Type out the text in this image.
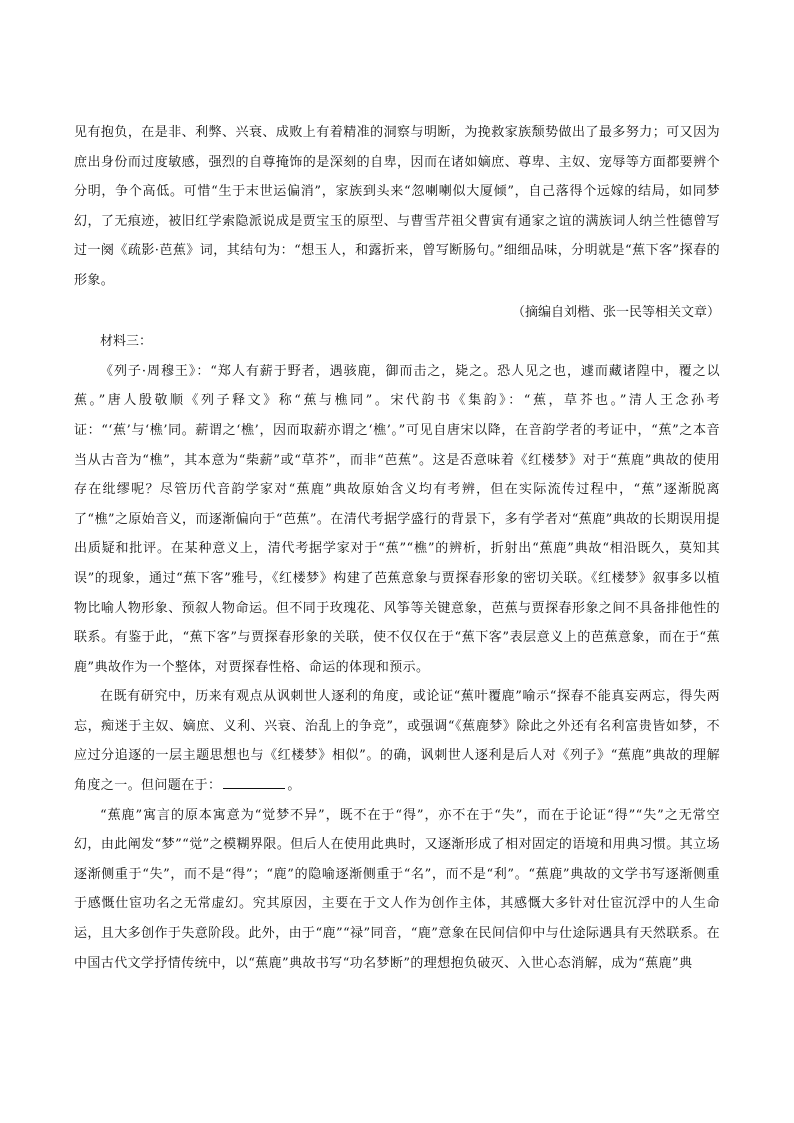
见有抱负，在是非、利弊、兴衰、成败上有着精准的洞察与明断，为挽救家族颓势做出了最多努力；可又因为庶出身份而过度敏感，强烈的自尊掩饰的是深刻的自卑，因而在诸如嫡庶、尊卑、主奴、宠辱等方面都要辨个分明，争个高低。可惜“生于末世运偏消”，家族到头来“忽喇喇似大厦倾”，自己落得个远嫁的结局，如同梦幻，了无痕迹，被旧红学索隐派说成是贾宝玉的原型、与曹雪芹祖父曹寅有通家之谊的满族词人纳兰性德曾写过一阕《疏影·芭蕉》词，其结句为：“想玉人，和露折来，曾写断肠句。”细细品味，分明就是“蕉下客”探春的形象。

（摘编自刘楷、张一民等相关文章）

材料三：

《列子·周穆王》：“郑人有薪于野者，遇骇鹿，御而击之，毙之。恐人见之也，遽而藏诸隍中，覆之以蕉。”唐人殷敬顺《列子释文》称“蕉与樵同”。宋代韵书《集韵》：“蕉，草芥也。”清人王念孙考证：“‘蕉’与‘樵’同。薪谓之‘樵’，因而取薪亦谓之‘樵’。”可见自唐宋以降，在音韵学者的考证中，“蕉”之本音当从古音为“樵”，其本意为“柴薪”或“草芥”，而非“芭蕉”。这是否意味着《红楼梦》对于“蕉鹿”典故的使用存在纰缪呢？尽管历代音韵学家对“蕉鹿”典故原始含义均有考辨，但在实际流传过程中，“蕉”逐渐脱离了“樵”之原始音义，而逐渐偏向于“芭蕉”。在清代考据学盛行的背景下，多有学者对“蕉鹿”典故的长期误用提出质疑和批评。在某种意义上，清代考据学家对于“蕉”“樵”的辨析，折射出“蕉鹿”典故“相沿既久，莫知其误”的现象，通过“蕉下客”雅号，《红楼梦》构建了芭蕉意象与贾探春形象的密切关联。《红楼梦》叙事多以植物比喻人物形象、预叙人物命运。但不同于玫瑰花、风筝等关键意象，芭蕉与贾探春形象之间不具备排他性的联系。有鉴于此，“蕉下客”与贾探春形象的关联，使不仅仅在于“蕉下客”表层意义上的芭蕉意象，而在于“蕉鹿”典故作为一个整体，对贾探春性格、命运的体现和预示。

在既有研究中，历来有观点从讽刺世人逐利的角度，或论证“蕉叶覆鹿”喻示“探春不能真妄两忘，得失两忘，痴迷于主奴、嫡庶、义利、兴衰、治乱上的争竞”，或强调“《蕉鹿梦》除此之外还有名利富贵皆如梦，不应过分追逐的一层主题思想也与《红楼梦》相似”。的确，讽刺世人逐利是后人对《列子》“蕉鹿”典故的理解角度之一。但问题在于：	。

“蕉鹿”寓言的原本寓意为“觉梦不异”，既不在于“得”，亦不在于“失”，而在于论证“得”“失”之无常空幻，由此阐发“梦”“觉”之模糊界限。但后人在使用此典时，又逐渐形成了相对固定的语境和用典习惯。其立场逐渐侧重于“失”，而不是“得”；“鹿”的隐喻逐渐侧重于“名”，而不是“利”。“蕉鹿”典故的文学书写逐渐侧重于感慨仕宦功名之无常虚幻。究其原因，主要在于文人作为创作主体，其感慨大多针对仕宦沉浮中的人生命运，且大多创作于失意阶段。此外，由于“鹿”“禄”同音，“鹿”意象在民间信仰中与仕途际遇具有天然联系。在中国古代文学抒情传统中，以“蕉鹿”典故书写“功名梦断”的理想抱负破灭、入世心态消解，成为“蕉鹿”典
